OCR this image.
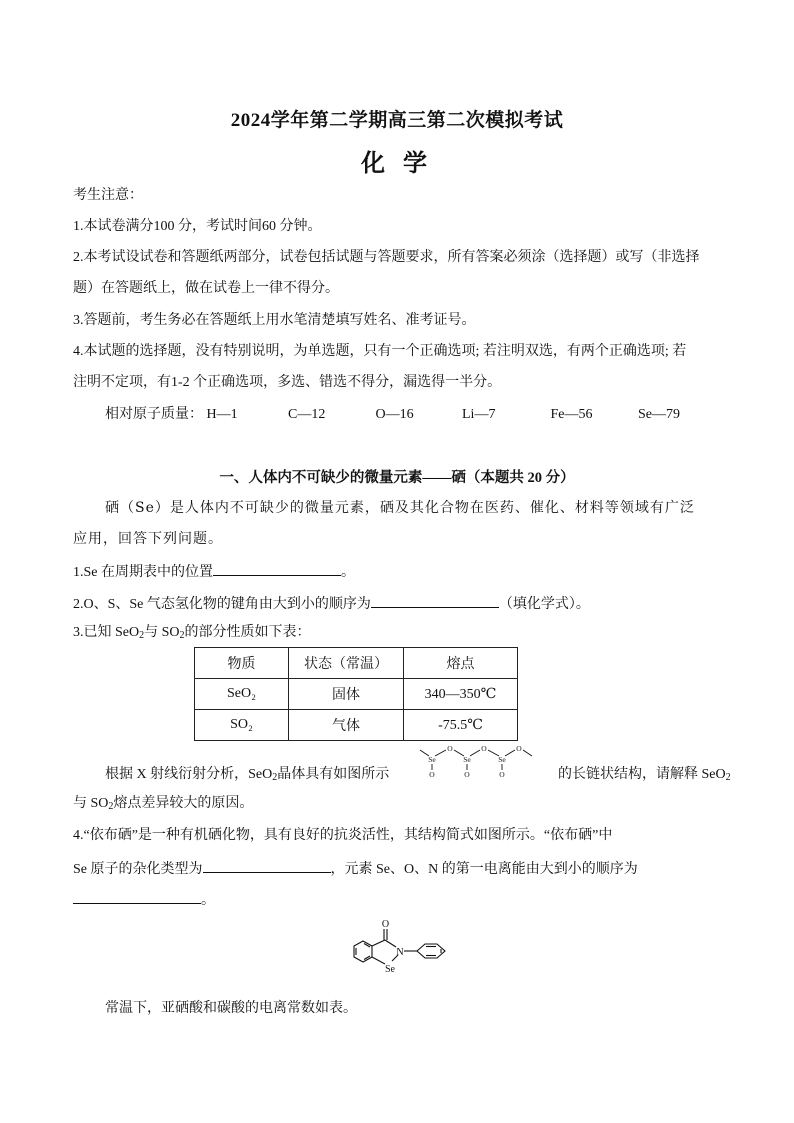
2024学年第二学期高三第二次模拟考试
化 学
考生注意：
1.本试卷满分100 分，考试时间60 分钟。
2.本考试设试卷和答题纸两部分，试卷包括试题与答题要求，所有答案必须涂（选择题）或写（非选择
题）在答题纸上，做在试卷上一律不得分。
3.答题前，考生务必在答题纸上用水笔清楚填写姓名、准考证号。
4.本试题的选择题，没有特别说明，为单选题，只有一个正确选项; 若注明双选，有两个正确选项; 若
注明不定项，有1-2 个正确选项，多选、错选不得分，漏选得一半分。
相对原子质量： H—1	C—12	O—16	Li—7	Fe—56	Se—79
一、人体内不可缺少的微量元素——硒（本题共 20 分）
硒（Se）是人体内不可缺少的微量元素，硒及其化合物在医药、催化、材料等领域有广泛
应用，回答下列问题。
1.Se 在周期表中的位置	。
2.O、S、Se 气态氢化物的键角由大到小的顺序为	（填化学式）。
3.已知 SeO$_2$与 $SO_2$的部分性质如下表：
物质	状态（常温）	熔点
SeO₂	固体	340—350℃
SO₂	气体	-75.5℃
根据 X 射线衍射分析，SeO$_2$晶体具有如图所示
Se	Se	Se
O	O	O
O	O	O	的长链状结构，请解释 SeO$_2$
与 $SO_2$熔点差异较大的原因。
4.“依布硒”是一种有机硒化物，具有良好的抗炎活性，其结构简式如图所示。“依布硒”中
Se 原子的杂化类型为	，元素 Se、O、N 的第一电离能由大到小的顺序为
。
O
N
Se
常温下，亚硒酸和碳酸的电离常数如表。
